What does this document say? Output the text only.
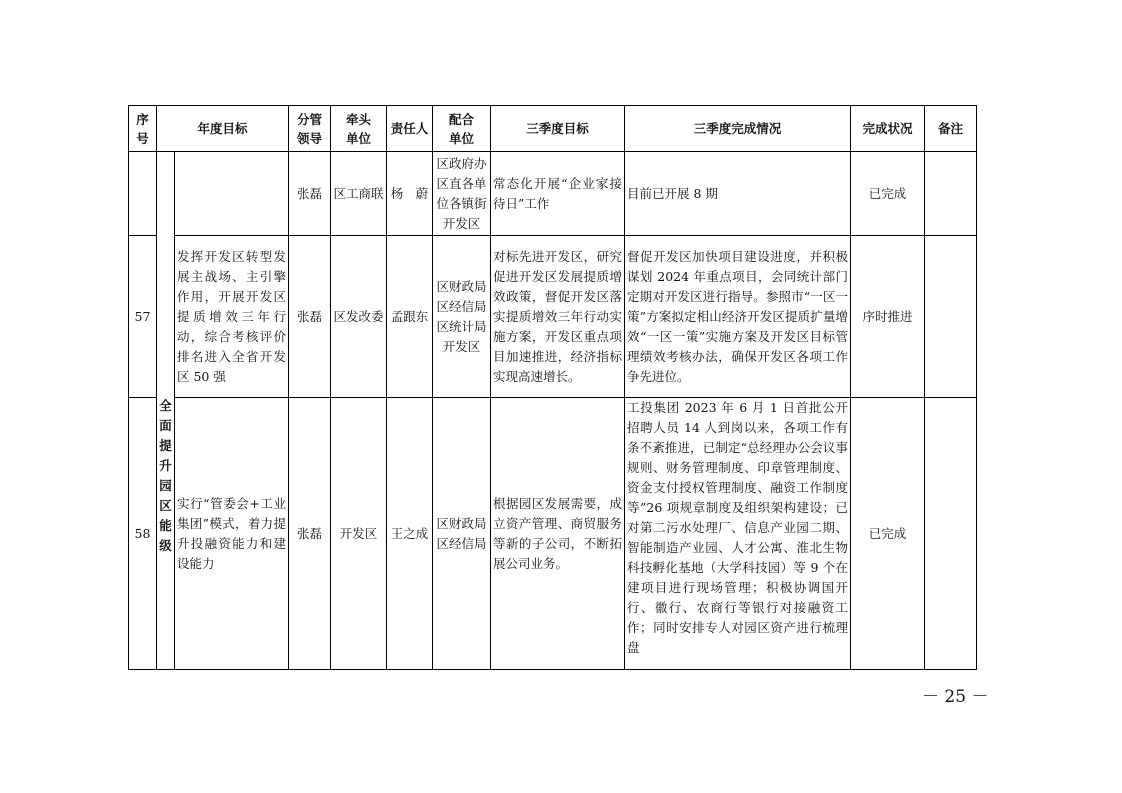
序号	年度目标		分管领导	牵头单位	责任人	配合单位	三季度目标	三季度完成情况	完成状况	备注

	全面提升园区能级		张磊	区工商联	杨　蔚	区政府办区直各单位各镇街开发区	常态化开展“企业家接待日”工作	目前已开展 8 期	已完成	
57		发挥开发区转型发展主战场、主引擎作用，开展开发区提质增效三年行动，综合考核评价排名进入全省开发区 50 强	张磊	区发改委	孟跟东	区财政局区经信局区统计局开发区	对标先进开发区，研究促进开发区发展提质增效政策，督促开发区落实提质增效三年行动实施方案，开发区重点项目加速推进，经济指标实现高速增长。	督促开发区加快项目建设进度，并积极谋划 2024 年重点项目，会同统计部门定期对开发区进行指导。参照市“一区一策”方案拟定相山经济开发区提质扩量增效“一区一策”实施方案及开发区目标管理绩效考核办法，确保开发区各项工作争先进位。	序时推进	
58		实行“管委会+工业集团”模式，着力提升投融资能力和建设能力	张磊	开发区	王之成	区财政局区经信局	根据园区发展需要，成立资产管理、商贸服务等新的子公司，不断拓展公司业务。	工投集团 2023 年 6 月 1 日首批公开招聘人员 14 人到岗以来，各项工作有条不紊推进，已制定“总经理办公会议事规则、财务管理制度、印章管理制度、资金支付授权管理制度、融资工作制度等”26 项规章制度及组织架构建设；已对第二污水处理厂、信息产业园二期、智能制造产业园、人才公寓、淮北生物科技孵化基地（大学科技园）等 9 个在建项目进行现场管理；积极协调国开行、徽行、农商行等银行对接融资工作；同时安排专人对园区资产进行梳理盘	已完成	
－ 25 －
